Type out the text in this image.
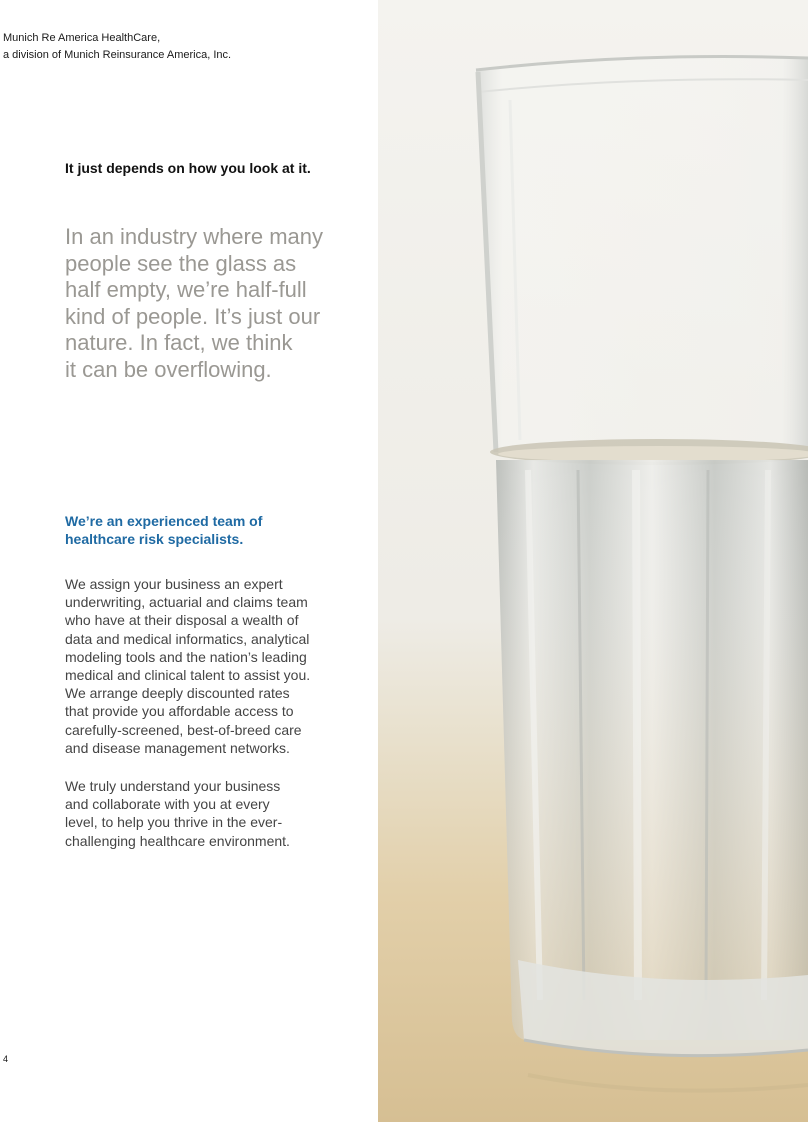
Munich Re America HealthCare,
a division of Munich Reinsurance America, Inc.
It just depends on how you look at it.
In an industry where many
people see the glass as
half empty, we’re half-full
kind of people. It’s just our
nature. In fact, we think
it can be overflowing.
We’re an experienced team of
healthcare risk specialists.
We assign your business an expert
underwriting, actuarial and claims team
who have at their disposal a wealth of
data and medical informatics, analytical
modeling tools and the nation’s leading
medical and clinical talent to assist you.
We arrange deeply discounted rates
that provide you affordable access to
carefully-screened, best-of-breed care
and disease management networks.
We truly understand your business
and collaborate with you at every
level, to help you thrive in the ever-
challenging healthcare environment.
4
